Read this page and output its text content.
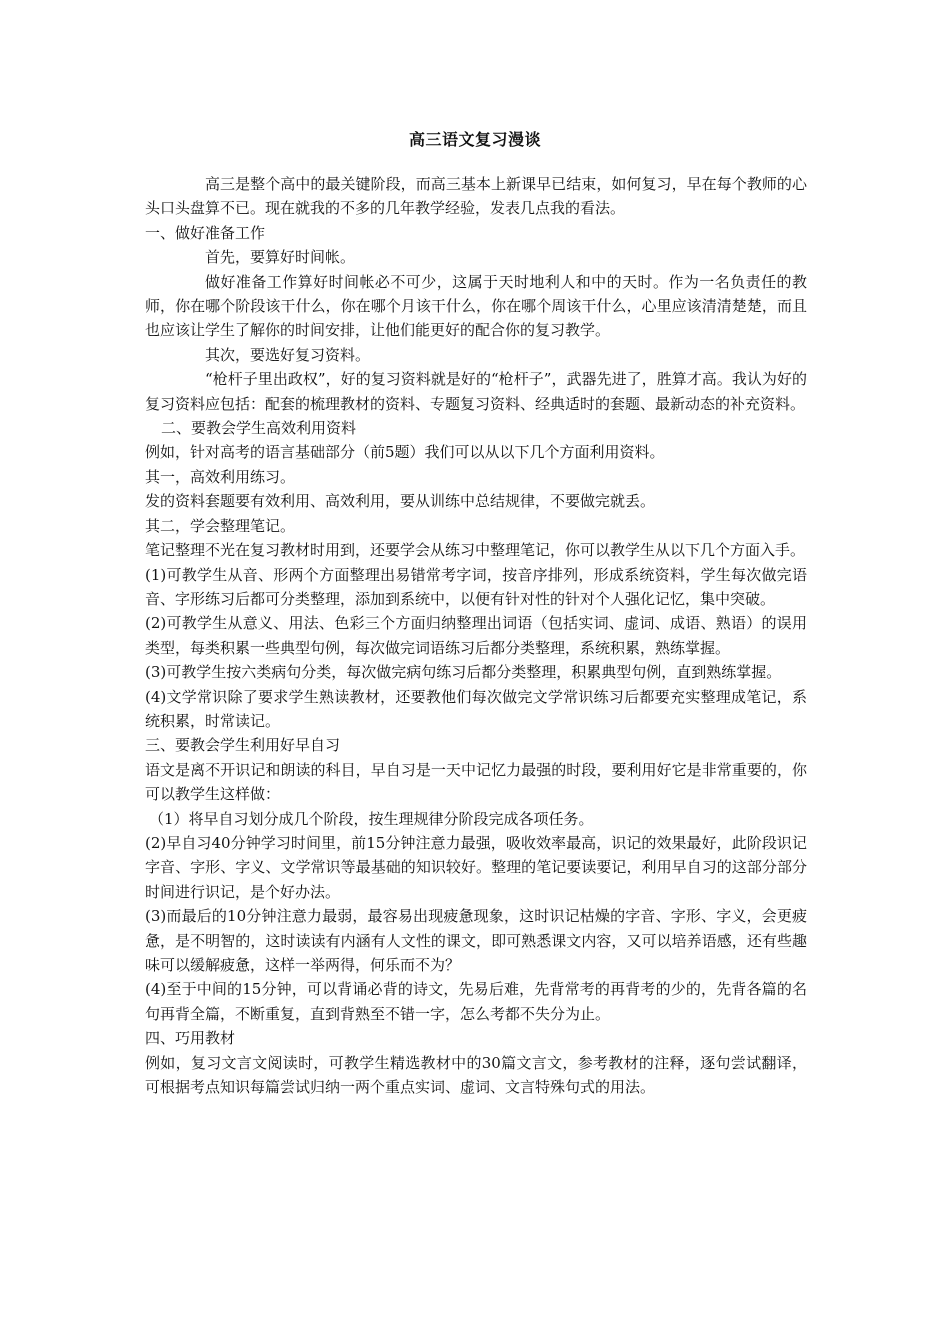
高三语文复习漫谈

高三是整个高中的最关键阶段，而高三基本上新课早已结束，如何复习，早在每个教师的心头口头盘算不已。现在就我的不多的几年教学经验，发表几点我的看法。

一、做好准备工作

首先，要算好时间帐。

做好准备工作算好时间帐必不可少，这属于天时地利人和中的天时。作为一名负责任的教师，你在哪个阶段该干什么，你在哪个月该干什么，你在哪个周该干什么，心里应该清清楚楚，而且也应该让学生了解你的时间安排，让他们能更好的配合你的复习教学。

其次，要选好复习资料。

“枪杆子里出政权”，好的复习资料就是好的“枪杆子”，武器先进了，胜算才高。我认为好的复习资料应包括：配套的梳理教材的资料、专题复习资料、经典适时的套题、最新动态的补充资料。

二、要教会学生高效利用资料

例如，针对高考的语言基础部分（前5题）我们可以从以下几个方面利用资料。

其一，高效利用练习。

发的资料套题要有效利用、高效利用，要从训练中总结规律，不要做完就丢。

其二，学会整理笔记。

笔记整理不光在复习教材时用到，还要学会从练习中整理笔记，你可以教学生从以下几个方面入手。

(1)可教学生从音、形两个方面整理出易错常考字词，按音序排列，形成系统资料，学生每次做完语音、字形练习后都可分类整理，添加到系统中，以便有针对性的针对个人强化记忆，集中突破。

(2)可教学生从意义、用法、色彩三个方面归纳整理出词语（包括实词、虚词、成语、熟语）的误用类型，每类积累一些典型句例，每次做完词语练习后都分类整理，系统积累，熟练掌握。

(3)可教学生按六类病句分类，每次做完病句练习后都分类整理，积累典型句例，直到熟练掌握。

(4)文学常识除了要求学生熟读教材，还要教他们每次做完文学常识练习后都要充实整理成笔记，系统积累，时常读记。

三、要教会学生利用好早自习

语文是离不开识记和朗读的科目，早自习是一天中记忆力最强的时段，要利用好它是非常重要的，你可以教学生这样做：

（1）将早自习划分成几个阶段，按生理规律分阶段完成各项任务。

(2)早自习40分钟学习时间里，前15分钟注意力最强，吸收效率最高，识记的效果最好，此阶段识记字音、字形、字义、文学常识等最基础的知识较好。整理的笔记要读要记，利用早自习的这部分部分时间进行识记，是个好办法。

(3)而最后的10分钟注意力最弱，最容易出现疲惫现象，这时识记枯燥的字音、字形、字义，会更疲惫，是不明智的，这时读读有内涵有人文性的课文，即可熟悉课文内容，又可以培养语感，还有些趣味可以缓解疲惫，这样一举两得，何乐而不为？

(4)至于中间的15分钟，可以背诵必背的诗文，先易后难，先背常考的再背考的少的，先背各篇的名句再背全篇，不断重复，直到背熟至不错一字，怎么考都不失分为止。

四、巧用教材

例如，复习文言文阅读时，可教学生精选教材中的30篇文言文，参考教材的注释，逐句尝试翻译，可根据考点知识每篇尝试归纳一两个重点实词、虚词、文言特殊句式的用法。
